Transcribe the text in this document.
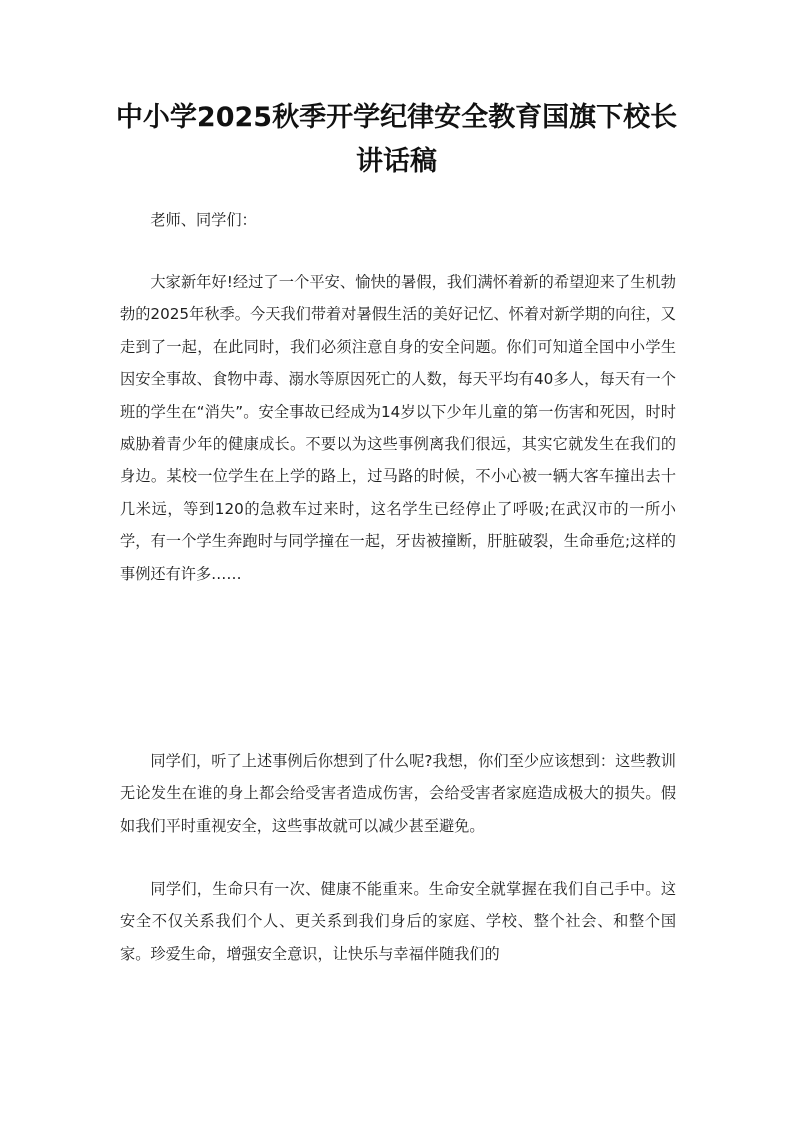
中小学2025秋季开学纪律安全教育国旗下校长讲话稿

老师、同学们：

大家新年好!经过了一个平安、愉快的暑假，我们满怀着新的希望迎来了生机勃勃的2025年秋季。今天我们带着对暑假生活的美好记忆、怀着对新学期的向往，又走到了一起，在此同时，我们必须注意自身的安全问题。你们可知道全国中小学生因安全事故、食物中毒、溺水等原因死亡的人数，每天平均有40多人，每天有一个班的学生在“消失”。安全事故已经成为14岁以下少年儿童的第一伤害和死因，时时威胁着青少年的健康成长。不要以为这些事例离我们很远，其实它就发生在我们的身边。某校一位学生在上学的路上，过马路的时候，不小心被一辆大客车撞出去十几米远，等到120的急救车过来时，这名学生已经停止了呼吸;在武汉市的一所小学，有一个学生奔跑时与同学撞在一起，牙齿被撞断，肝脏破裂，生命垂危;这样的事例还有许多……

同学们，听了上述事例后你想到了什么呢?我想，你们至少应该想到：这些教训无论发生在谁的身上都会给受害者造成伤害，会给受害者家庭造成极大的损失。假如我们平时重视安全，这些事故就可以减少甚至避免。

同学们，生命只有一次、健康不能重来。生命安全就掌握在我们自己手中。这安全不仅关系我们个人、更关系到我们身后的家庭、学校、整个社会、和整个国家。珍爱生命，增强安全意识，让快乐与幸福伴随我们的
